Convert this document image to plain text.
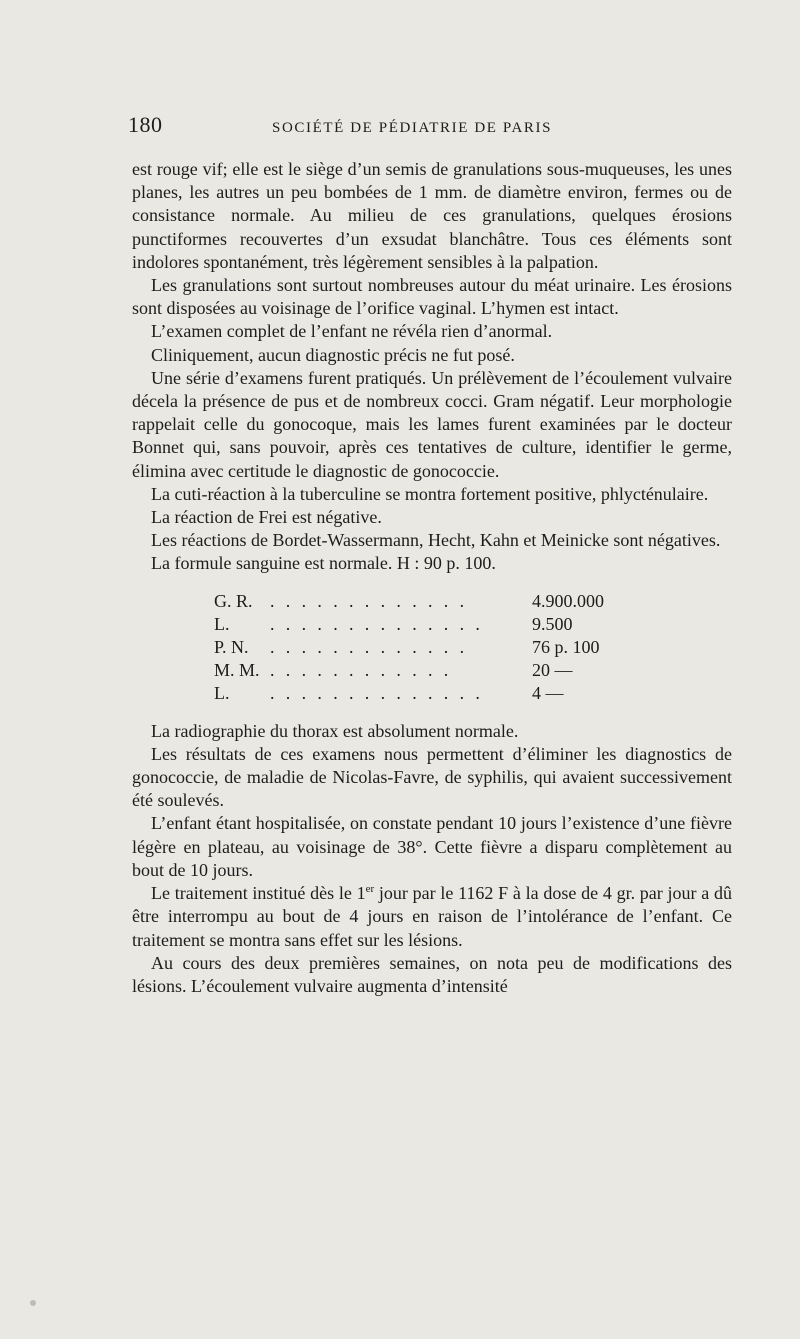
180	SOCIÉTÉ DE PÉDIATRIE DE PARIS

est rouge vif; elle est le siège d’un semis de granulations sous-muqueuses, les unes planes, les autres un peu bombées de 1 mm. de diamètre environ, fermes ou de consistance normale. Au milieu de ces granulations, quelques érosions punctiformes recouvertes d’un exsudat blanchâtre. Tous ces éléments sont indolores spontanément, très légèrement sensibles à la palpation.

Les granulations sont surtout nombreuses autour du méat urinaire. Les érosions sont disposées au voisinage de l’orifice vaginal. L’hymen est intact.

L’examen complet de l’enfant ne révéla rien d’anormal.

Cliniquement, aucun diagnostic précis ne fut posé.

Une série d’examens furent pratiqués. Un prélèvement de l’écoulement vulvaire décela la présence de pus et de nombreux cocci. Gram négatif. Leur morphologie rappelait celle du gonocoque, mais les lames furent examinées par le docteur Bonnet qui, sans pouvoir, après ces tentatives de culture, identifier le germe, élimina avec certitude le diagnostic de gonococcie.

La cuti-réaction à la tuberculine se montra fortement positive, phlycténulaire.

La réaction de Frei est négative.

Les réactions de Bordet-Wassermann, Hecht, Kahn et Meinicke sont négatives.

La formule sanguine est normale. H : 90 p. 100.

G. R.	. . . . . . . . . . . . .	4.900.000
L.	. . . . . . . . . . . . . .	9.500
P. N.	. . . . . . . . . . . . .	76 p. 100
M. M.	. . . . . . . . . . . .	20 —
L.	. . . . . . . . . . . . . .	4 —

La radiographie du thorax est absolument normale.

Les résultats de ces examens nous permettent d’éliminer les diagnostics de gonococcie, de maladie de Nicolas-Favre, de syphilis, qui avaient successivement été soulevés.

L’enfant étant hospitalisée, on constate pendant 10 jours l’existence d’une fièvre légère en plateau, au voisinage de 38°. Cette fièvre a disparu complètement au bout de 10 jours.

Le traitement institué dès le 1er jour par le 1162 F à la dose de 4 gr. par jour a dû être interrompu au bout de 4 jours en raison de l’intolérance de l’enfant. Ce traitement se montra sans effet sur les lésions.

Au cours des deux premières semaines, on nota peu de modifications des lésions. L’écoulement vulvaire augmenta d’intensité
